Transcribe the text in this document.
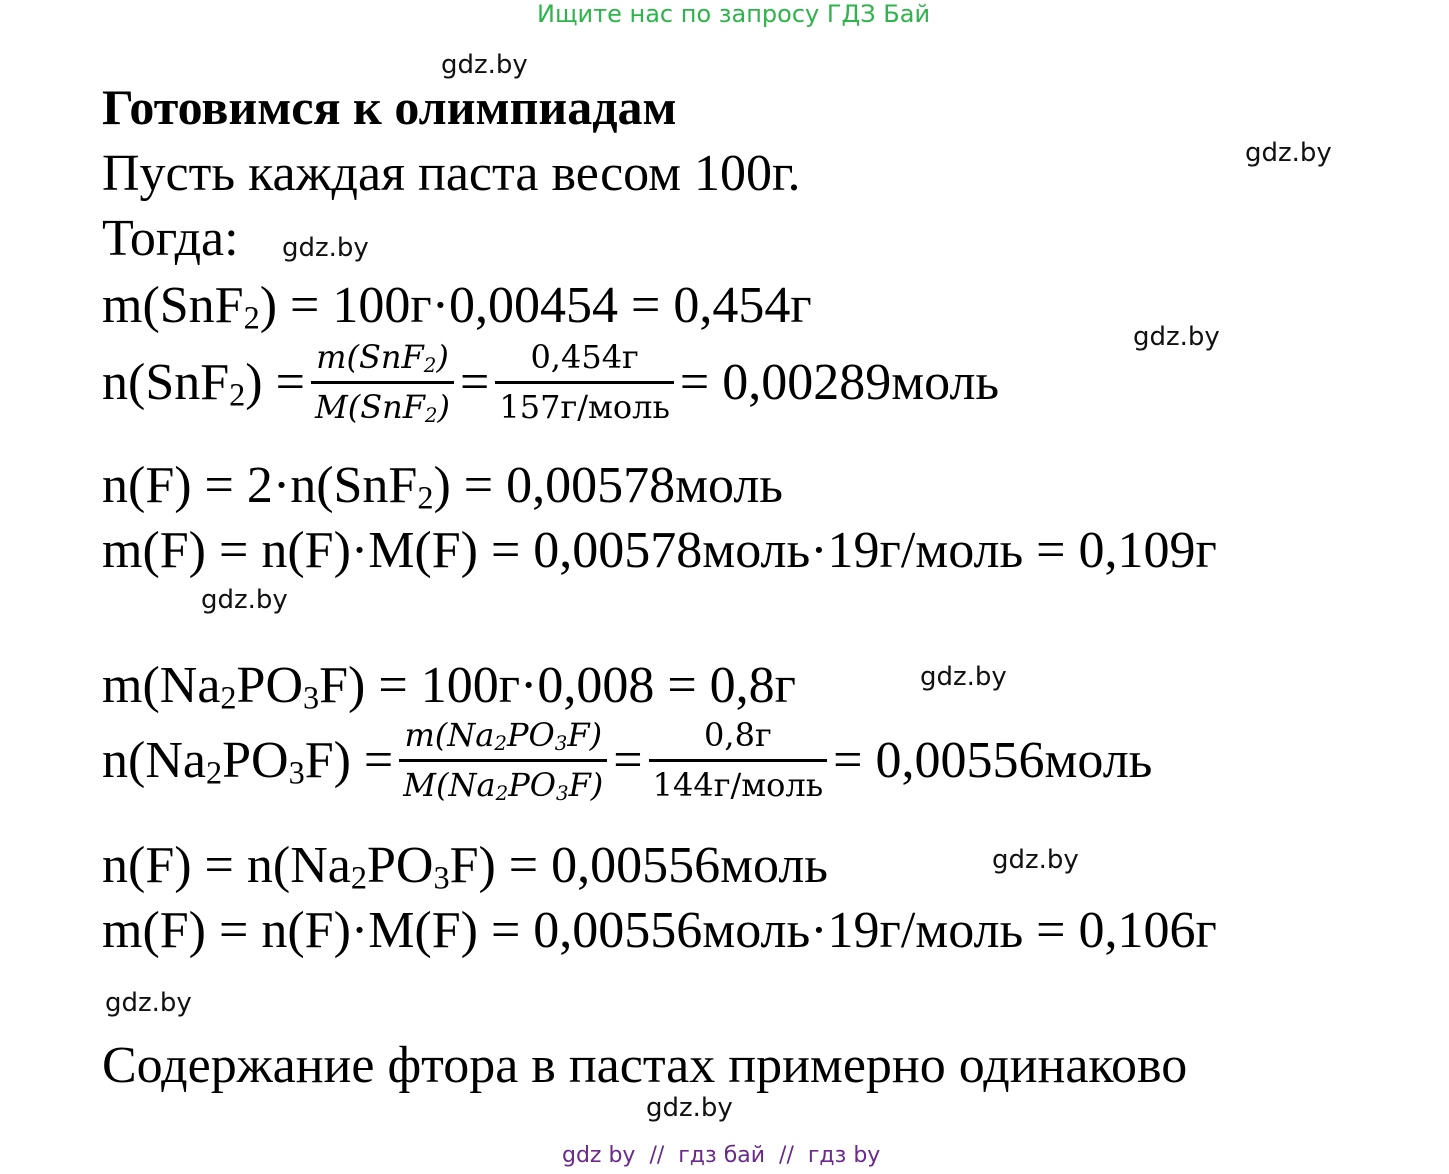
Ищите нас по запросу ГДЗ Бай
gdz.by
gdz.by
gdz.by
gdz.by
gdz.by
gdz.by
gdz.by
gdz.by
gdz.by
Готовимся к олимпиадам
Пусть каждая паста весом 100г.
Тогда:
m(SnF$_2$) = 100г·0,00454 = 0,454г
$n(SnF_2) = \frac{m(SnF_2)}{M(SnF_2)} = \frac{0,454г}{\text{157г/моль}}$ = 0,00289моль
n(F) = 2·n(SnF$_2$) = 0,00578моль
m(F) = n(F)·M(F) = 0,00578моль·19г/моль = 0,109г
$m(Na_2PO_3F) = 100г\cdot 0,008 = 0,8г$
$n(Na_2PO_3F) = \frac{m(Na_2PO_3F)}{M(Na_2PO_3F)} = \frac{0,8г}{\text{144г/моль}}$ = 0,00556моль
$n(F) = n(Na_2PO_3F)$ = 0,00556моль
m(F) = n(F)·M(F) = 0,00556моль·19г/моль = 0,106г
Содержание фтора в пастах примерно одинаково
gdz by  //  гдз бай  //  гдз by
